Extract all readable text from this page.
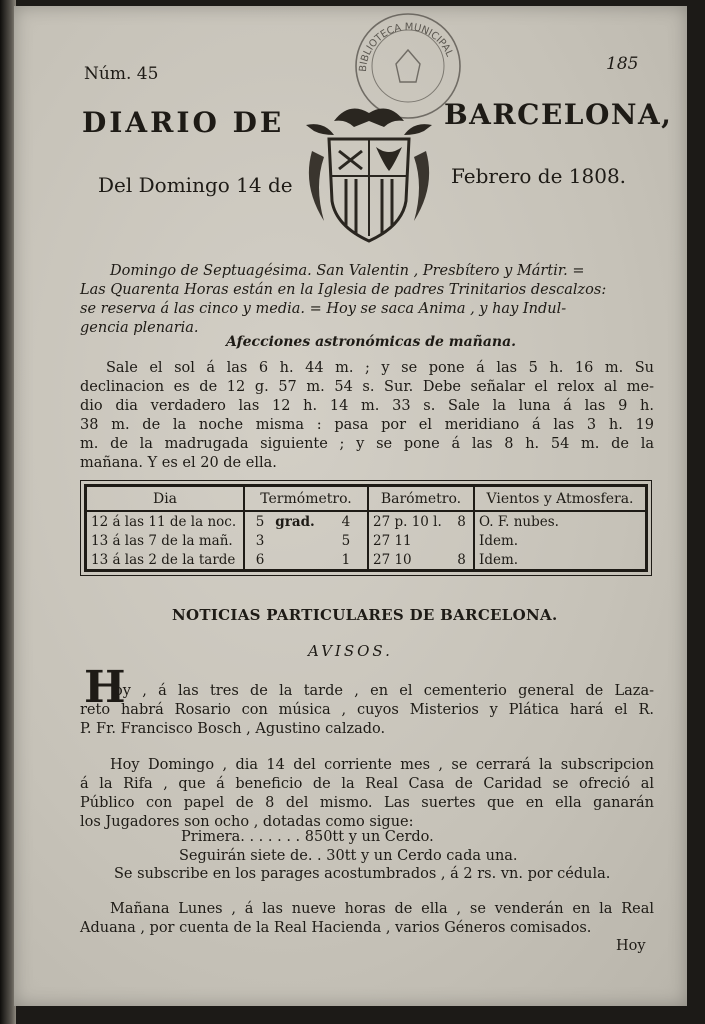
Núm. 45	185
BIBLIOTECA MUNICIPAL
DIARIO DE	BARCELONA,
Del Domingo 14 de	Febrero de 1808.
Domingo de Septuagésima. San Valentin , Presbítero y Mártir. =
Las Quarenta Horas están en la Iglesia de padres Trinitarios descalzos:
se reserva á las cinco y media. = Hoy se saca Anima , y hay Indul-
gencia plenaria.
Afecciones astronómicas de mañana.
Sale el sol á las 6 h. 44 m. ; y se pone á las 5 h. 16 m. Su
declinacion es de 12 g. 57 m. 54 s. Sur. Debe señalar el relox al me-
dio dia verdadero las 12 h. 14 m. 33 s. Sale la luna á las 9 h.
38 m. de la noche misma : pasa por el meridiano á las 3 h. 19
m. de la madrugada siguiente ; y se pone á las 8 h. 54 m. de la
mañana. Y es el 20 de ella.
Dia	Termómetro.	Barómetro.	Vientos y Atmosfera.
12 á las 11 de la noc.	5 grad. 4	27 p. 10 l. 8	O. F. nubes.
13 á las 7 de la mañ.	3 5	27 11	Idem.
13 á las 2 de la tarde	6 1	27 10 8	Idem.
NOTICIAS PARTICULARES DE BARCELONA.
AVISOS.
H
oy , á las tres de la tarde , en el cementerio general de Laza-
reto habrá Rosario con música , cuyos Misterios y Plática hará el R.
P. Fr. Francisco Bosch , Agustino calzado.
Hoy Domingo , dia 14 del corriente mes , se cerrará la subscripcion
á la Rifa , que á beneficio de la Real Casa de Caridad se ofreció al
Público con papel de 8 del mismo. Las suertes que en ella ganarán
los Jugadores son ocho , dotadas como sigue:
Primera. . . . . . . 850tt y un Cerdo.
Seguirán siete de. . 30tt y un Cerdo cada una.
Se subscribe en los parages acostumbrados , á 2 rs. vn. por cédula.
Mañana Lunes , á las nueve horas de ella , se venderán en la Real
Aduana , por cuenta de la Real Hacienda , varios Géneros comisados.
Hoy
